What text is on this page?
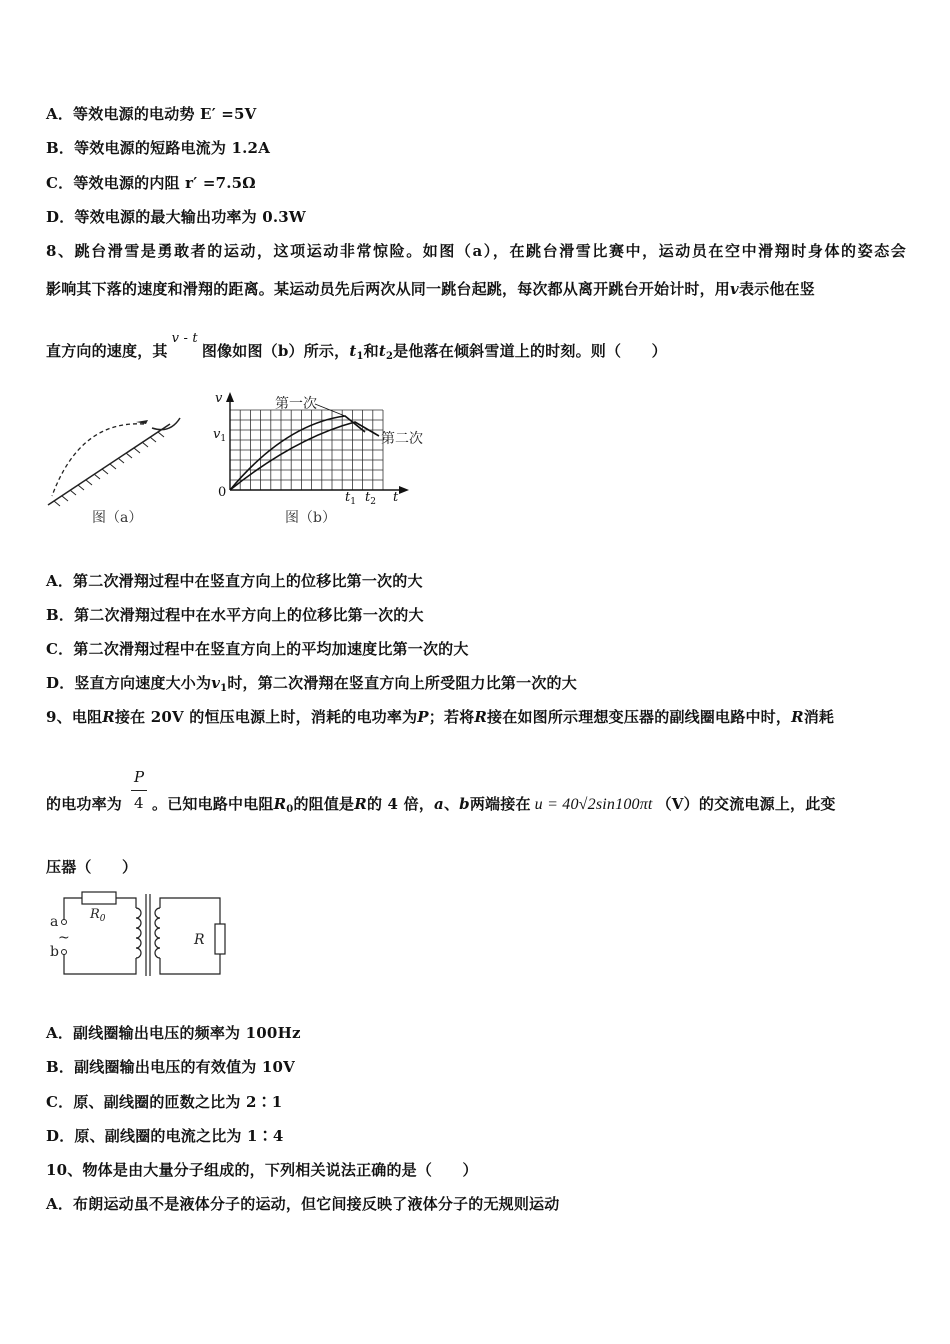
A．等效电源的电动势 E′ =5V
B．等效电源的短路电流为 1.2A
C．等效电源的内阻 r′ =7.5Ω
D．等效电源的最大输出功率为 0.3W
8、跳台滑雪是勇敢者的运动，这项运动非常惊险。如图（a），在跳台滑雪比赛中，运动员在空中滑翔时身体的姿态会
影响其下落的速度和滑翔的距离。某运动员先后两次从同一跳台起跳，每次都从离开跳台开始计时，用v表示他在竖
直方向的速度，其v - t图像如图（b）所示，$t_1$和$t_2$是他落在倾斜雪道上的时刻。则（　　）
图（a）
第一次
第二次
v
t
0
$v_1$
$t_1$ $t_2$
图（b）
A．第二次滑翔过程中在竖直方向上的位移比第一次的大
B．第二次滑翔过程中在水平方向上的位移比第一次的大
C．第二次滑翔过程中在竖直方向上的平均加速度比第一次的大
D．竖直方向速度大小为$v_1$时，第二次滑翔在竖直方向上所受阻力比第一次的大
9、电阻R接在 20V 的恒压电源上时，消耗的电功率为P；若将R接在如图所示理想变压器的副线圈电路中时，R消耗
P
4
的电功率为 。已知电路中电阻$R_0$的阻值是R的 4 倍，a、b两端接在 u = 40√2sin100πt （V）的交流电源上，此变
压器（　　）
a
b
~
$R_0$
R
A．副线圈输出电压的频率为 100Hz
B．副线圈输出电压的有效值为 10V
C．原、副线圈的匝数之比为 2∶1
D．原、副线圈的电流之比为 1∶4
10、物体是由大量分子组成的，下列相关说法正确的是（　　）
A．布朗运动虽不是液体分子的运动，但它间接反映了液体分子的无规则运动
